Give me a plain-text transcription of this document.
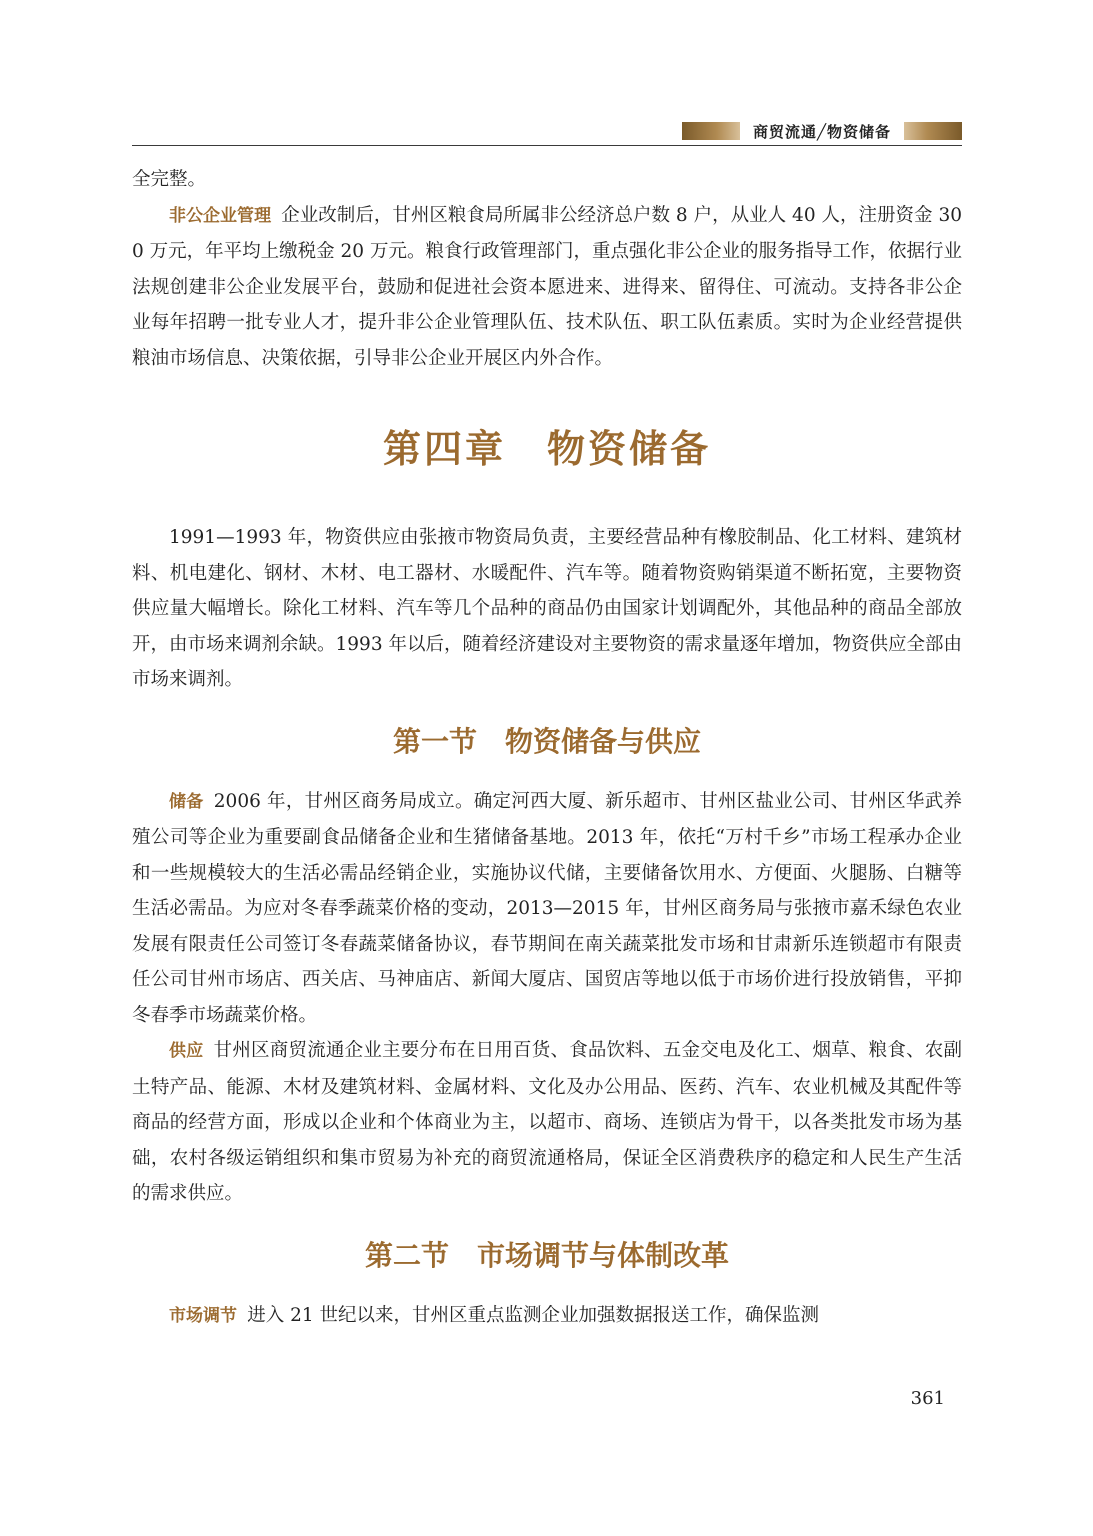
商贸流通╱物资储备

全完整。

非公企业管理 企业改制后，甘州区粮食局所属非公经济总户数 8 户，从业人 40 人，注册资金 300 万元，年平均上缴税金 20 万元。粮食行政管理部门，重点强化非公企业的服务指导工作，依据行业法规创建非公企业发展平台，鼓励和促进社会资本愿进来、进得来、留得住、可流动。支持各非公企业每年招聘一批专业人才，提升非公企业管理队伍、技术队伍、职工队伍素质。实时为企业经营提供粮油市场信息、决策依据，引导非公企业开展区内外合作。

第四章　物资储备

1991—1993 年，物资供应由张掖市物资局负责，主要经营品种有橡胶制品、化工材料、建筑材料、机电建化、钢材、木材、电工器材、水暖配件、汽车等。随着物资购销渠道不断拓宽，主要物资供应量大幅增长。除化工材料、汽车等几个品种的商品仍由国家计划调配外，其他品种的商品全部放开，由市场来调剂余缺。1993 年以后，随着经济建设对主要物资的需求量逐年增加，物资供应全部由市场来调剂。

第一节　物资储备与供应

储备 2006 年，甘州区商务局成立。确定河西大厦、新乐超市、甘州区盐业公司、甘州区华武养殖公司等企业为重要副食品储备企业和生猪储备基地。2013 年，依托“万村千乡”市场工程承办企业和一些规模较大的生活必需品经销企业，实施协议代储，主要储备饮用水、方便面、火腿肠、白糖等生活必需品。为应对冬春季蔬菜价格的变动，2013—2015 年，甘州区商务局与张掖市嘉禾绿色农业发展有限责任公司签订冬春蔬菜储备协议，春节期间在南关蔬菜批发市场和甘肃新乐连锁超市有限责任公司甘州市场店、西关店、马神庙店、新闻大厦店、国贸店等地以低于市场价进行投放销售，平抑冬春季市场蔬菜价格。

供应 甘州区商贸流通企业主要分布在日用百货、食品饮料、五金交电及化工、烟草、粮食、农副土特产品、能源、木材及建筑材料、金属材料、文化及办公用品、医药、汽车、农业机械及其配件等商品的经营方面，形成以企业和个体商业为主，以超市、商场、连锁店为骨干，以各类批发市场为基础，农村各级运销组织和集市贸易为补充的商贸流通格局，保证全区消费秩序的稳定和人民生产生活的需求供应。

第二节　市场调节与体制改革

市场调节 进入 21 世纪以来，甘州区重点监测企业加强数据报送工作，确保监测

361
